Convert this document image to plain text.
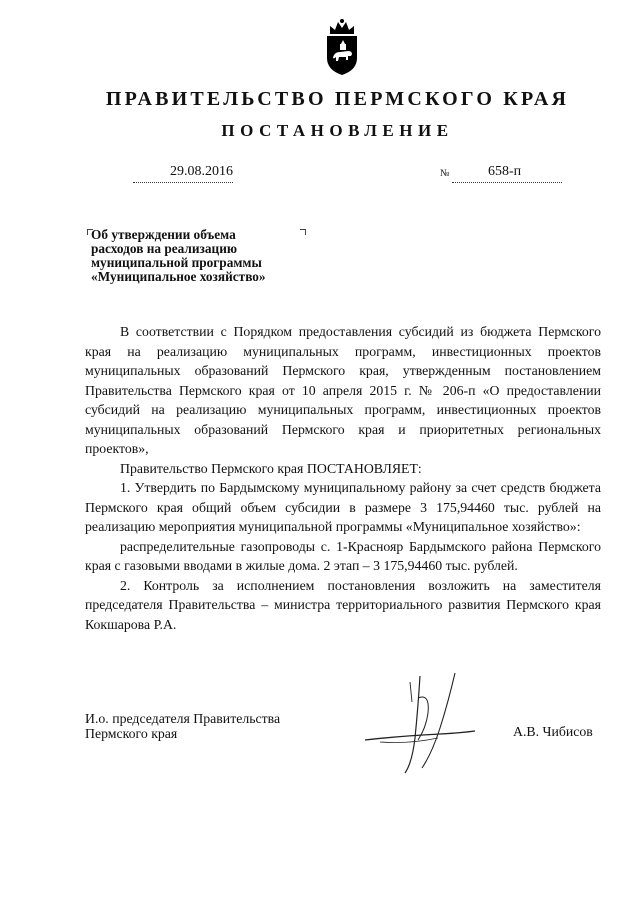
ПРАВИТЕЛЬСТВО ПЕРМСКОГО КРАЯ
ПОСТАНОВЛЕНИЕ
29.08.2016	№	658-п
Об утверждении объема
расходов на реализацию
муниципальной программы
«Муниципальное хозяйство»

В соответствии с Порядком предоставления субсидий из бюджета Пермского края на реализацию муниципальных программ, инвестиционных проектов муниципальных образований Пермского края, утвержденным постановлением Правительства Пермского края от 10 апреля 2015 г. № 206-п «О предоставлении субсидий на реализацию муниципальных программ, инвестиционных проектов муниципальных образований Пермского края и приоритетных региональных проектов»,

Правительство Пермского края ПОСТАНОВЛЯЕТ:

1. Утвердить по Бардымскому муниципальному району за счет средств бюджета Пермского края общий объем субсидии в размере 3 175,94460 тыс. рублей на реализацию мероприятия муниципальной программы «Муниципальное хозяйство»:

распределительные газопроводы с. 1-Красн​ояр Бардымского района Пермского края с газовыми вводами в жилые дома. 2 этап – 3 175,94460 тыс. рублей.

2. Контроль за исполнением постановления возложить на заместителя председателя Правительства – министра территориального развития Пермского края Кокшарова Р.А.

И.о. председателя Правительства
Пермского края	А.В. Чибисов
